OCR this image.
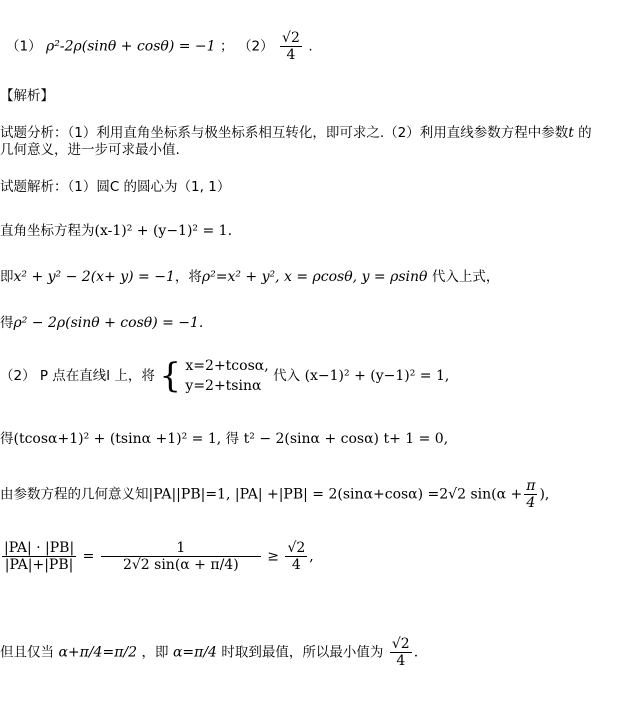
（1） ρ²-2ρ(sinθ + cosθ) = −1 ； $(2) \frac{√2}{4}$ .
【解析】
试题分析：（1）利用直角坐标系与极坐标系相互转化，即可求之.（2）利用直线参数方程中参数t 的
几何意义，进一步可求最小值.
试题解析：（1）圆C 的圆心为（1, 1）
直角坐标方程为(x-1)² + (y−1)² = 1.
即x² + y² − 2(x+ y) = −1，将ρ²=x² + y², x = ρcosθ, y = ρsinθ 代入上式，
得ρ² − 2ρ(sinθ + cosθ) = −1.
（2） P 点在直线l 上，将 { x=2+tcosα,
y=2+tsinα
代入 (x−1)² + (y−1)² = 1,
得(tcosα+1)² + (tsinα +1)² = 1, 得 t² − 2(sinα + cosα) t+ 1 = 0,
由参数方程的几何意义知|PA||PB|=1, |PA| +|PB| = 2(sinα+cosα) =2√2 $\sin(\alpha + \frac{\pi}{4}$ ),
$\frac{|PA| \cdot |PB|}{|PA|+|PB|} = \frac{1}{2√2 \sin(\alpha + \pi/4)} \ge \frac{√2}{4}$ ,
但且仅当 α+π/4=π/2 ，即 α=π/4 时取到最值，所以最小值为 $\frac{√2}{4}$ .
